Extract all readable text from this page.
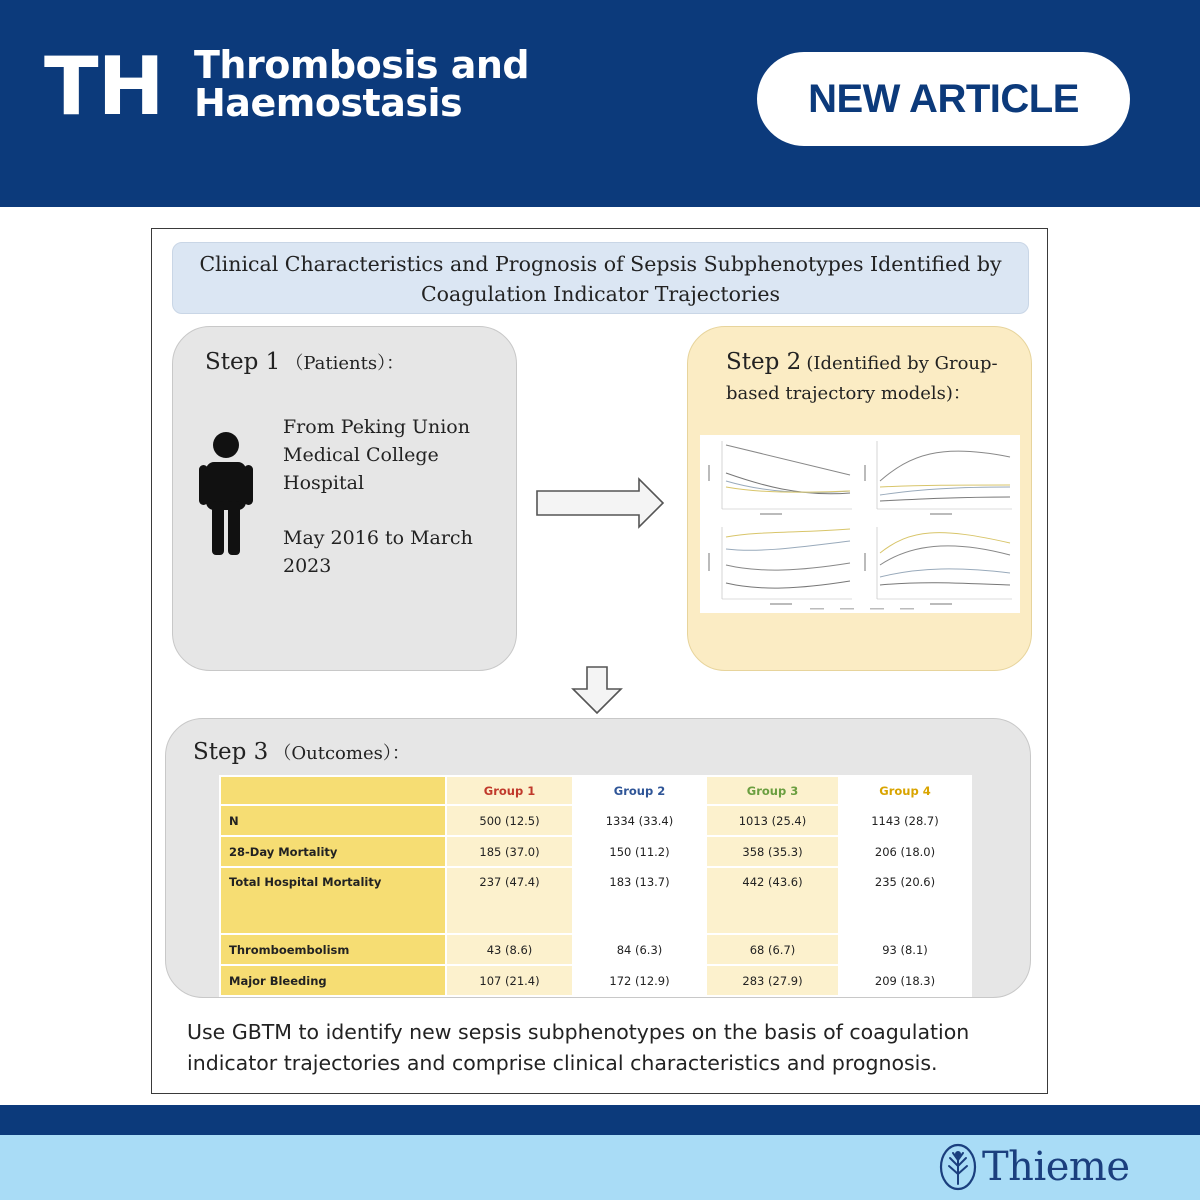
TH Thrombosis and
Haemostasis	NEW ARTICLE
Clinical Characteristics and Prognosis of Sepsis Subphenotypes Identified by
Coagulation Indicator Trajectories
Step 1 （Patients）：
From Peking Union
Medical College
Hospital
May 2016 to March
2023
Step 2 (Identified by Group-
based trajectory models)：
Step 3 （Outcomes）：
	Group 1	Group 2	Group 3	Group 4
N	500 (12.5)	1334 (33.4)	1013 (25.4)	1143 (28.7)
28-Day Mortality	185 (37.0)	150 (11.2)	358 (35.3)	206 (18.0)
Total Hospital Mortality	237 (47.4)	183 (13.7)	442 (43.6)	235 (20.6)
Thromboembolism	43 (8.6)	84 (6.3)	68 (6.7)	93 (8.1)
Major Bleeding	107 (21.4)	172 (12.9)	283 (27.9)	209 (18.3)
Use GBTM to identify new sepsis subphenotypes on the basis of coagulation
indicator trajectories and comprise clinical characteristics and prognosis.
Thieme
